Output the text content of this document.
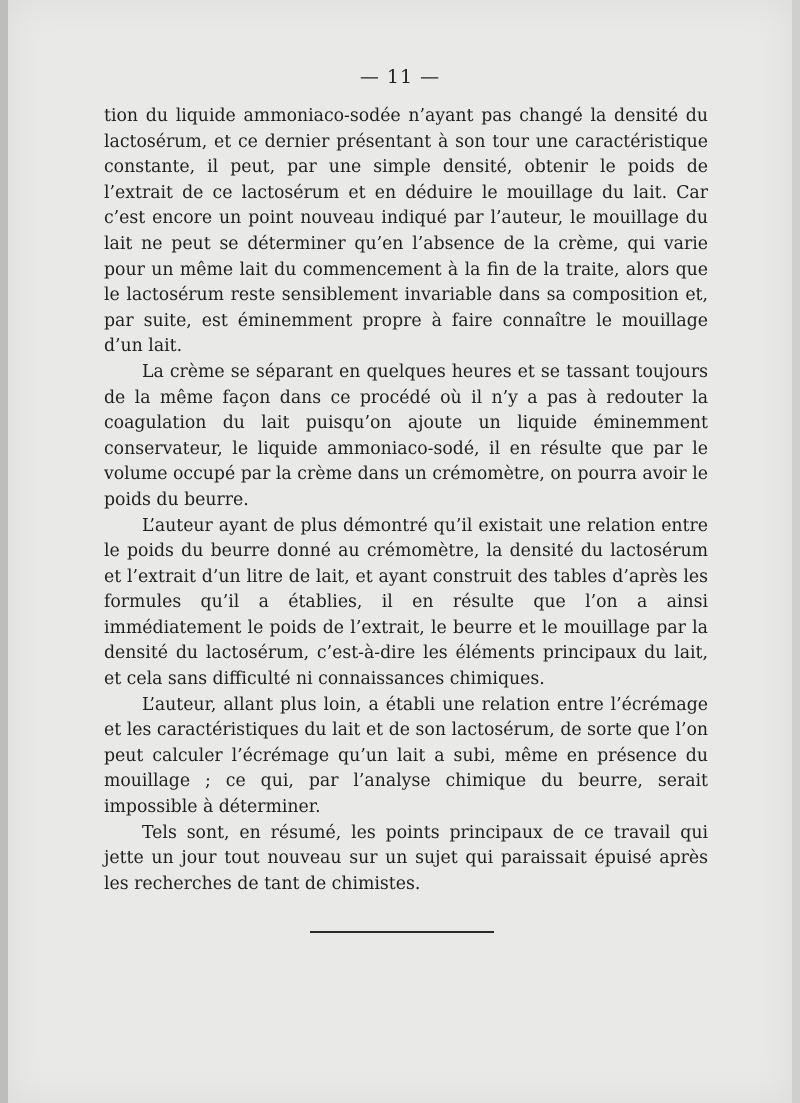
— 11 —

tion du liquide ammoniaco-sodée n’ayant pas changé la densité du lactosérum, et ce dernier présentant à son tour une caractéristique constante, il peut, par une simple densité, obtenir le poids de l’extrait de ce lactosérum et en déduire le mouillage du lait. Car c’est encore un point nouveau indiqué par l’auteur, le mouillage du lait ne peut se déterminer qu’en l’absence de la crème, qui varie pour un même lait du commencement à la fin de la traite, alors que le lactosérum reste sensiblement invariable dans sa composition et, par suite, est éminemment propre à faire connaître le mouillage d’un lait.

La crème se séparant en quelques heures et se tassant toujours de la même façon dans ce procédé où il n’y a pas à redouter la coagulation du lait puisqu’on ajoute un liquide éminemment conservateur, le liquide ammoniaco-sodé, il en résulte que par le volume occupé par la crème dans un crémomètre, on pourra avoir le poids du beurre.

L’auteur ayant de plus démontré qu’il existait une relation entre le poids du beurre donné au crémomètre, la densité du lactosérum et l’extrait d’un litre de lait, et ayant construit des tables d’après les formules qu’il a établies, il en résulte que l’on a ainsi immédiatement le poids de l’extrait, le beurre et le mouillage par la densité du lactosérum, c’est-à-dire les éléments principaux du lait, et cela sans difficulté ni connaissances chimiques.

L’auteur, allant plus loin, a établi une relation entre l’écrémage et les caractéristiques du lait et de son lactosérum, de sorte que l’on peut calculer l’écrémage qu’un lait a subi, même en présence du mouillage ; ce qui, par l’analyse chimique du beurre, serait impossible à déterminer.

Tels sont, en résumé, les points principaux de ce travail qui jette un jour tout nouveau sur un sujet qui paraissait épuisé après les recherches de tant de chimistes.
